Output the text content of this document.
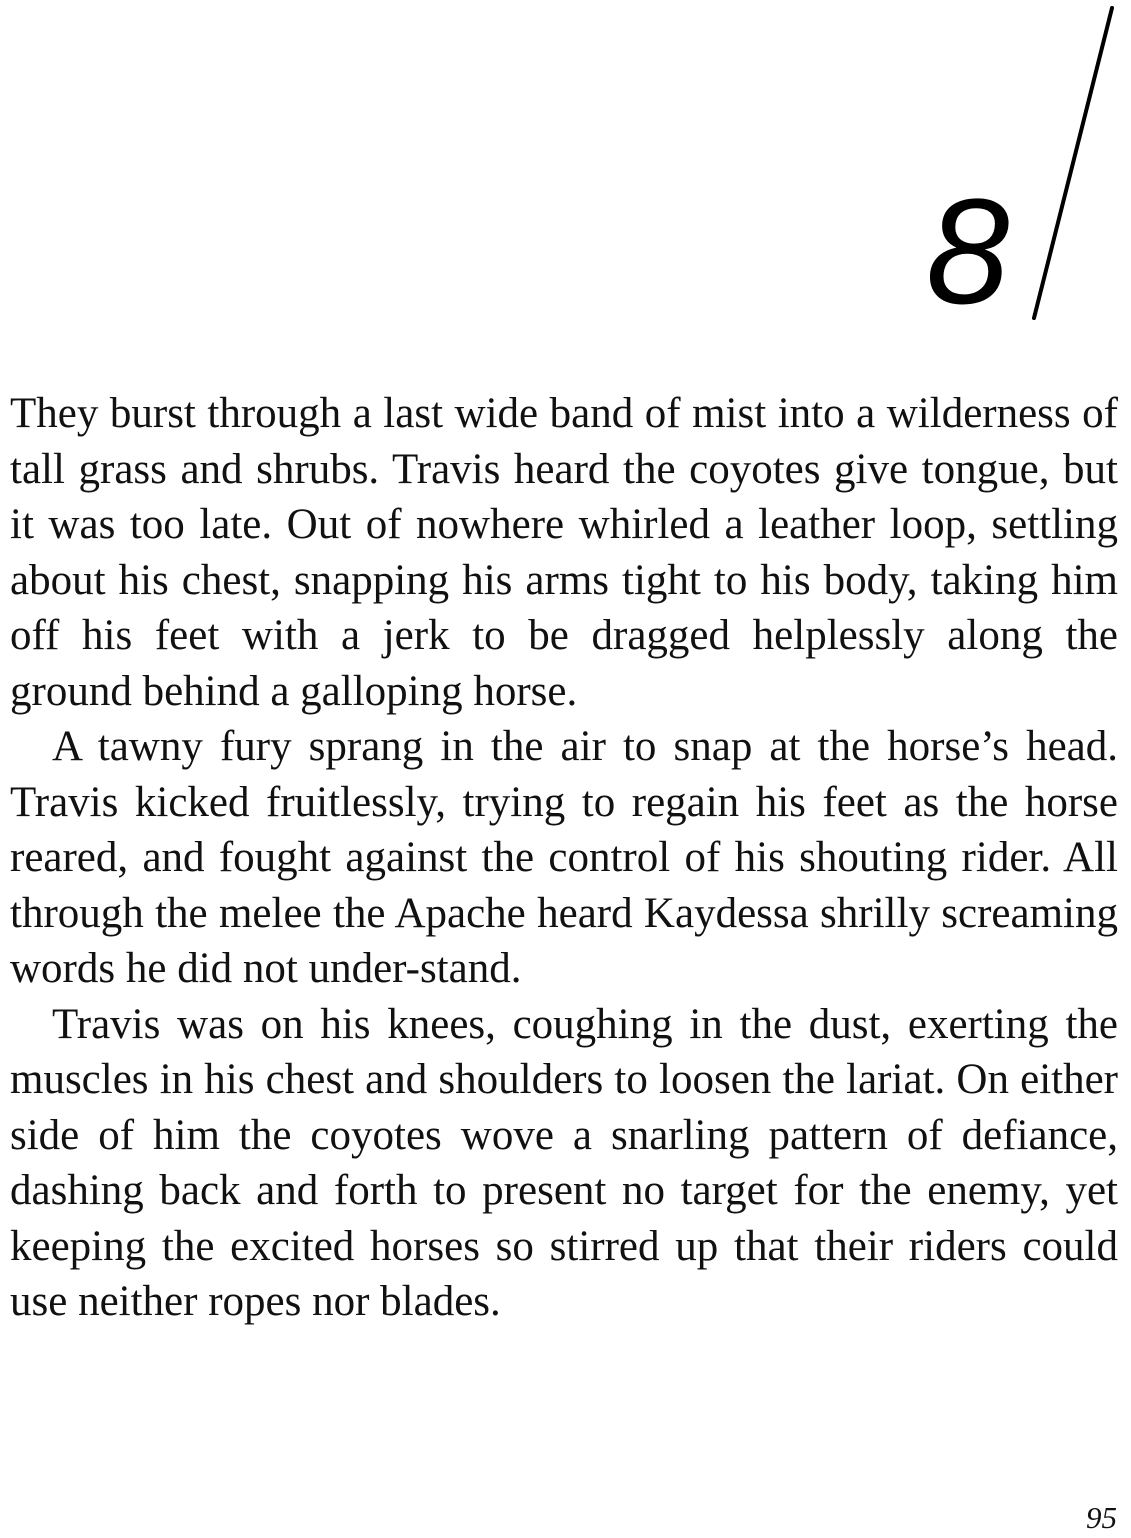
8

They burst through a last wide band of mist into a wilderness of tall grass and shrubs. Travis heard the coyotes give tongue, but it was too late. Out of nowhere whirled a leather loop, settling about his chest, snapping his arms tight to his body, taking him off his feet with a jerk to be dragged helplessly along the ground behind a galloping horse.

A tawny fury sprang in the air to snap at the horse’s head. Travis kicked fruitlessly, trying to regain his feet as the horse reared, and fought against the control of his shouting rider. All through the melee the Apache heard Kaydessa shrilly screaming words he did not under-stand.

Travis was on his knees, coughing in the dust, exerting the muscles in his chest and shoulders to loosen the lariat. On either side of him the coyotes wove a snarling pattern of defiance, dashing back and forth to present no target for the enemy, yet keeping the excited horses so stirred up that their riders could use neither ropes nor blades.

95
